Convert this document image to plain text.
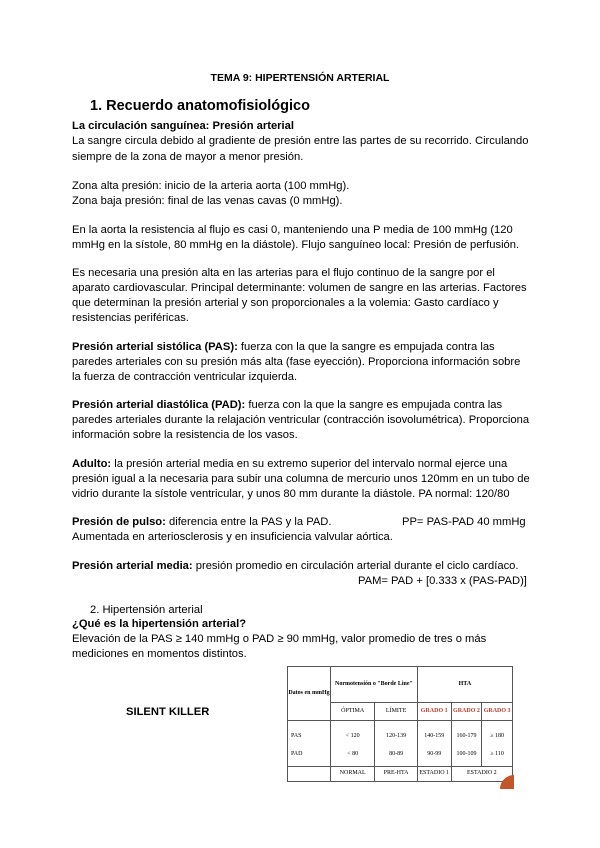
TEMA 9: HIPERTENSIÓN ARTERIAL
1. Recuerdo anatomofisiológico
La circulación sanguínea: Presión arterial
La sangre circula debido al gradiente de presión entre las partes de su recorrido. Circulando
siempre de la zona de mayor a menor presión.
Zona alta presión: inicio de la arteria aorta (100 mmHg).
Zona baja presión: final de las venas cavas (0 mmHg).
En la aorta la resistencia al flujo es casi 0, manteniendo una P media de 100 mmHg (120
mmHg en la sístole, 80 mmHg en la diástole). Flujo sanguíneo local: Presión de perfusión.
Es necesaria una presión alta en las arterias para el flujo continuo de la sangre por el
aparato cardiovascular. Principal determinante: volumen de sangre en las arterias. Factores
que determinan la presión arterial y son proporcionales a la volemia: Gasto cardíaco y
resistencias periféricas.
Presión arterial sistólica (PAS): fuerza con la que la sangre es empujada contra las
paredes arteriales con su presión más alta (fase eyección). Proporciona información sobre
la fuerza de contracción ventricular izquierda.
Presión arterial diastólica (PAD): fuerza con la que la sangre es empujada contra las
paredes arteriales durante la relajación ventricular (contracción isovolumétrica). Proporciona
información sobre la resistencia de los vasos.
Adulto: la presión arterial media en su extremo superior del intervalo normal ejerce una
presión igual a la necesaria para subir una columna de mercurio unos 120mm en un tubo de
vidrio durante la sístole ventricular, y unos 80 mm durante la diástole. PA normal: 120/80
Presión de pulso: diferencia entre la PAS y la PAD.	PP= PAS-PAD 40 mmHg
Aumentada en arteriosclerosis y en insuficiencia valvular aórtica.
Presión arterial media: presión promedio en circulación arterial durante el ciclo cardíaco.
PAM= PAD + [0.333 x (PAS-PAD)]
2. Hipertensión arterial
¿Qué es la hipertensión arterial?
Elevación de la PAS ≥ 140 mmHg o PAD ≥ 90 mmHg, valor promedio de tres o más
mediciones en momentos distintos.
SILENT KILLER
Datos en mmHg	Normotensión o "Borde Line"		HTA		
	ÓPTIMA	LÍMITE	GRADO 1	GRADO 2	GRADO 3

PAS	< 120	120-139	140-159	160-179	≥ 180
PAD	< 80	80-89	90-99	100-109	≥ 110
	NORMAL	PRE-HTA	ESTADIO 1	ESTADIO 2	
